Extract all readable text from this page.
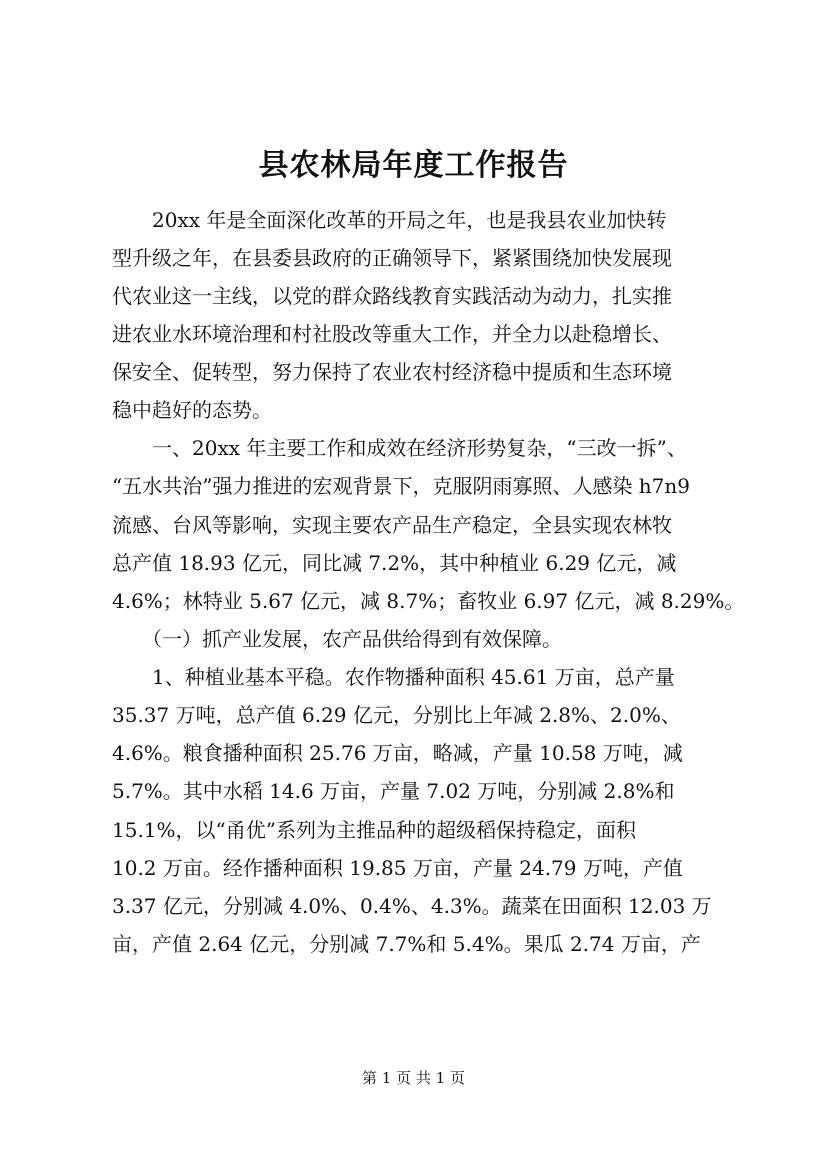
县农林局年度工作报告
　　20xx 年是全面深化改革的开局之年，也是我县农业加快转
型升级之年，在县委县政府的正确领导下，紧紧围绕加快发展现
代农业这一主线，以党的群众路线教育实践活动为动力，扎实推
进农业水环境治理和村社股改等重大工作，并全力以赴稳增长、
保安全、促转型，努力保持了农业农村经济稳中提质和生态环境
稳中趋好的态势。
　　一、20xx 年主要工作和成效在经济形势复杂，“三改一拆”、
“五水共治”强力推进的宏观背景下，克服阴雨寡照、人感染 h7n9
流感、台风等影响，实现主要农产品生产稳定，全县实现农林牧
总产值 18.93 亿元，同比减 7.2%，其中种植业 6.29 亿元，减
4.6%；林特业 5.67 亿元，减 8.7%；畜牧业 6.97 亿元，减 8.29%。
　　（一）抓产业发展，农产品供给得到有效保障。
　　1、种植业基本平稳。农作物播种面积 45.61 万亩，总产量
35.37 万吨，总产值 6.29 亿元，分别比上年减 2.8%、2.0%、
4.6%。粮食播种面积 25.76 万亩，略减，产量 10.58 万吨，减
5.7%。其中水稻 14.6 万亩，产量 7.02 万吨，分别减 2.8%和
15.1%，以“甬优”系列为主推品种的超级稻保持稳定，面积
10.2 万亩。经作播种面积 19.85 万亩，产量 24.79 万吨，产值
3.37 亿元，分别减 4.0%、0.4%、4.3%。蔬菜在田面积 12.03 万
亩，产值 2.64 亿元，分别减 7.7%和 5.4%。果瓜 2.74 万亩，产
第 1 页 共 1 页
